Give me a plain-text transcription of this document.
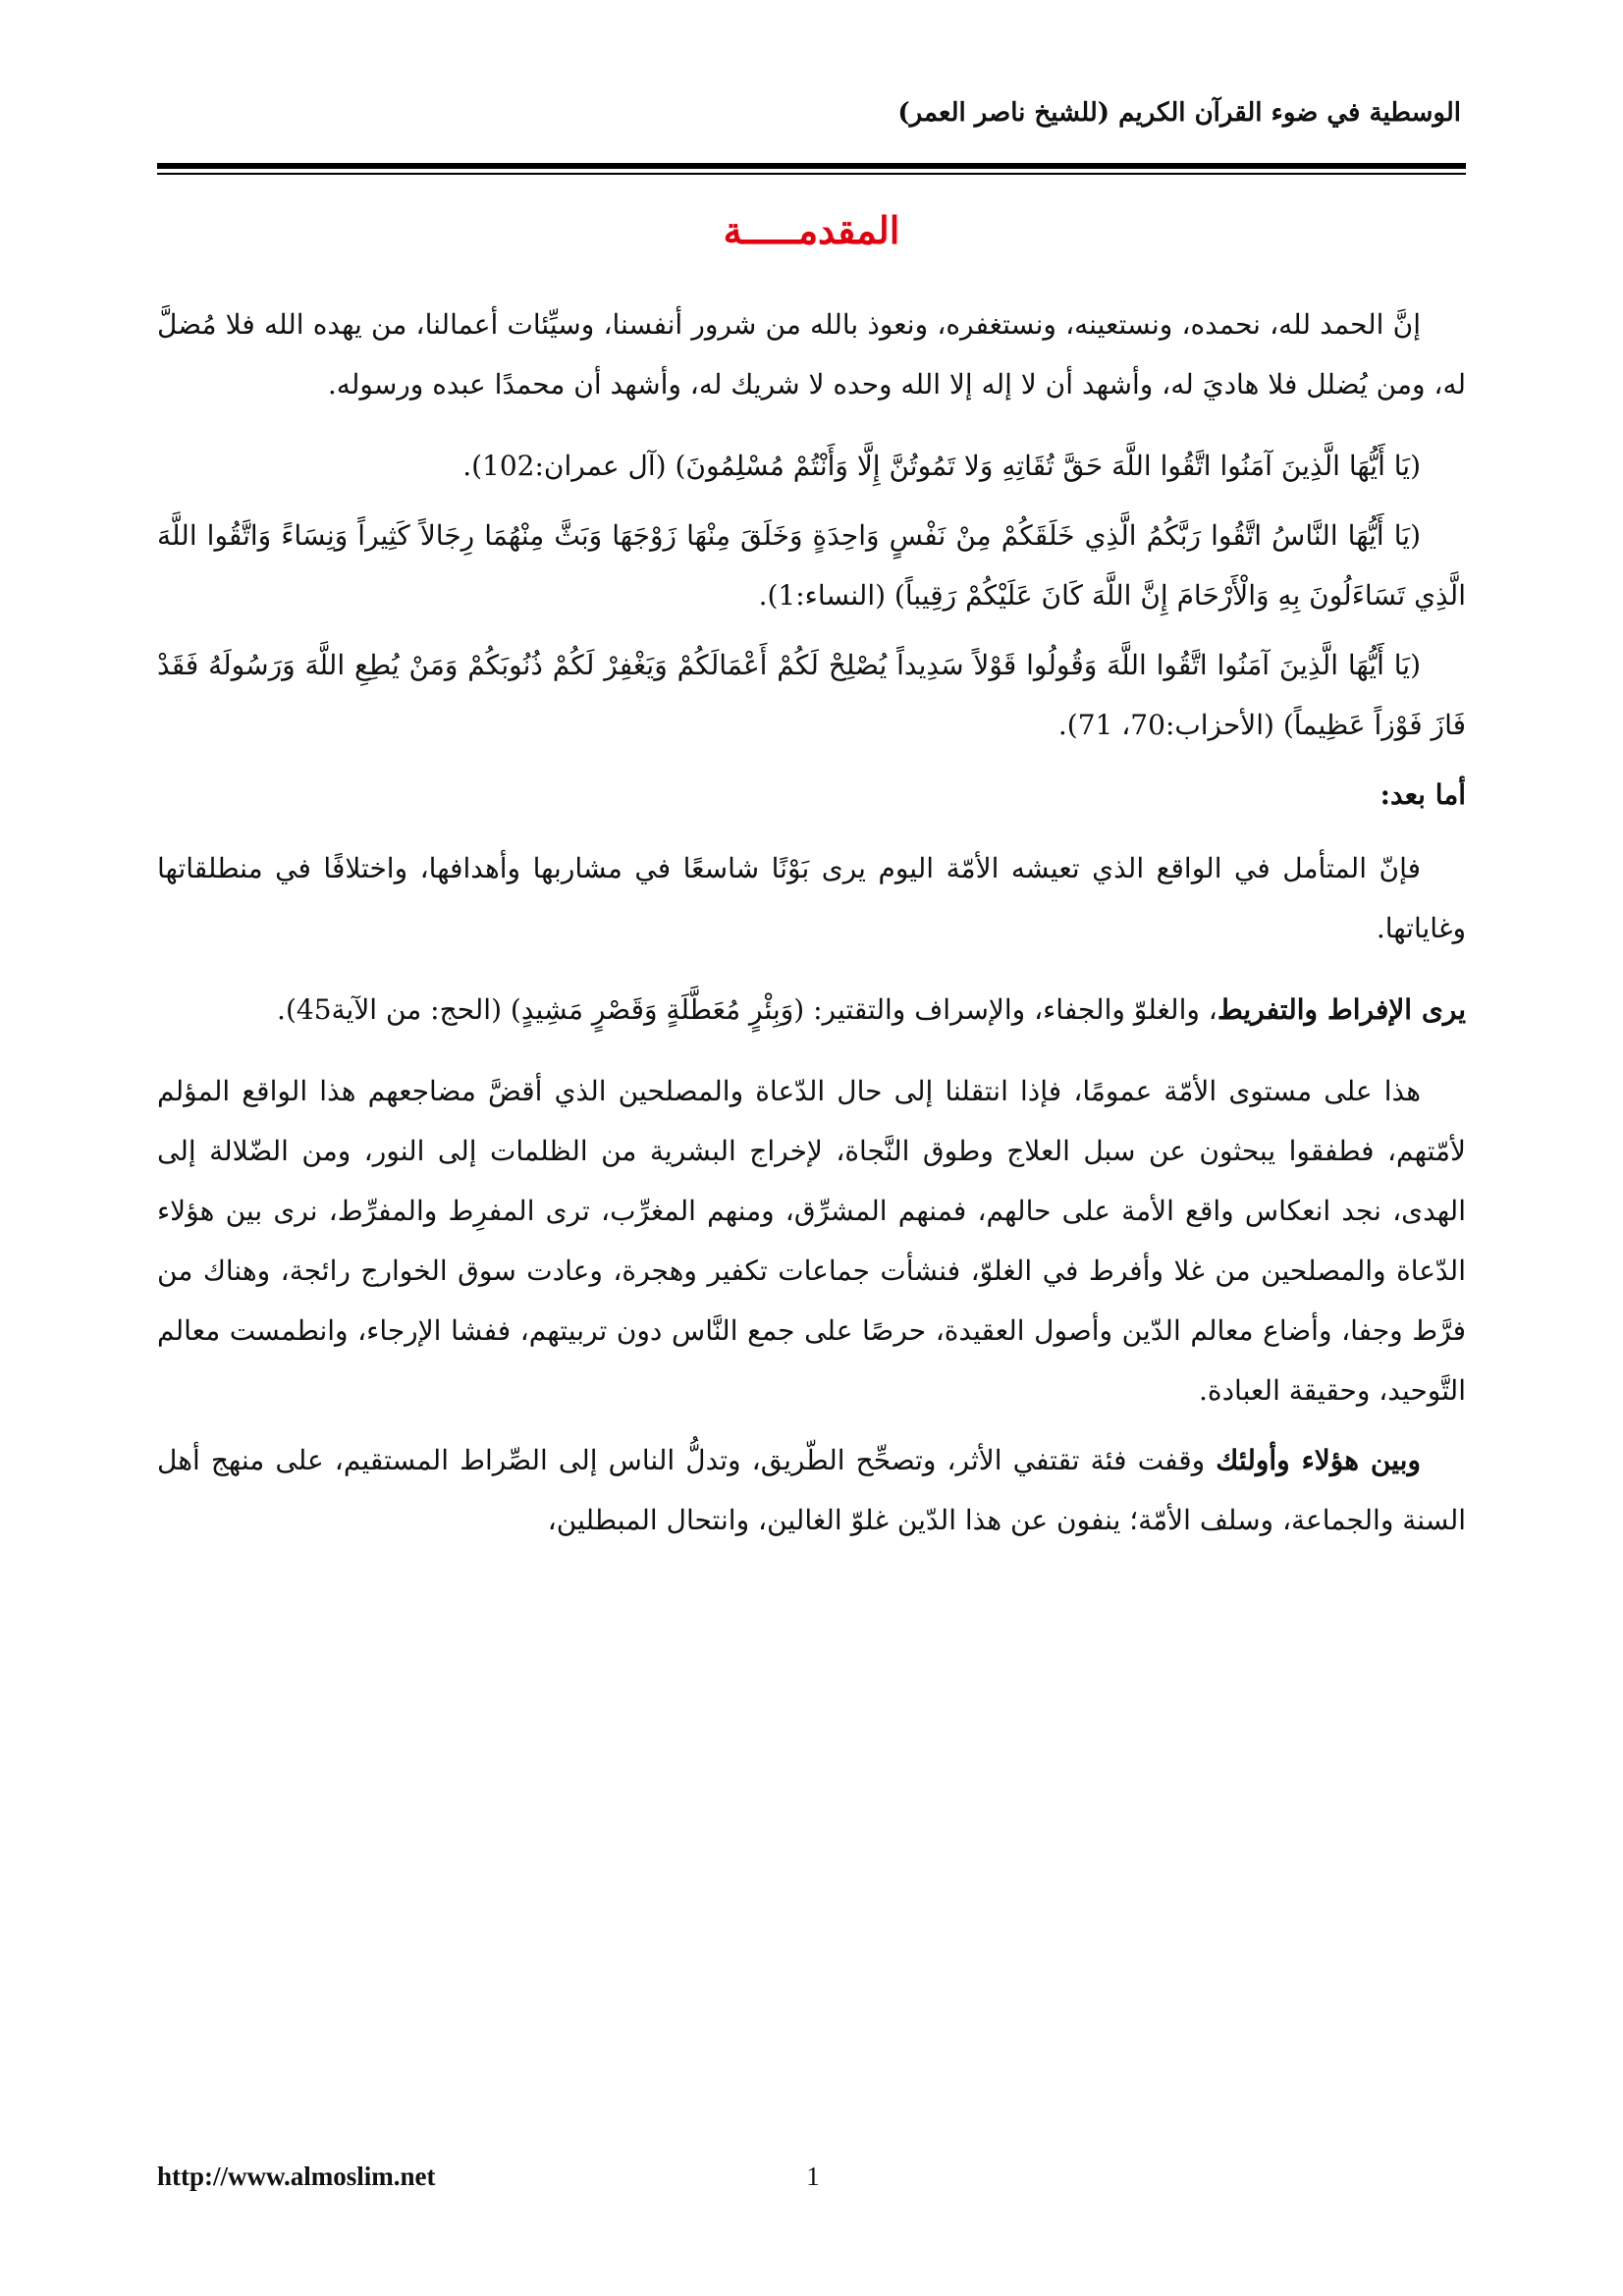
الوسطية في ضوء القرآن الكريم (للشيخ ناصر العمر)
المقدمـــــة

إنَّ الحمد لله، نحمده، ونستعينه، ونستغفره، ونعوذ بالله من شرور أنفسنا، وسيِّئات أعمالنا، من يهده الله فلا مُضلَّ له، ومن يُضلل فلا هاديَ له، وأشهد أن لا إله إلا الله وحده لا شريك له، وأشهد أن محمدًا عبده ورسوله.

(يَا أَيُّهَا الَّذِينَ آمَنُوا اتَّقُوا اللَّهَ حَقَّ تُقَاتِهِ وَلا تَمُوتُنَّ إِلَّا وَأَنْتُمْ مُسْلِمُونَ) (آل عمران:102).

(يَا أَيُّهَا النَّاسُ اتَّقُوا رَبَّكُمُ الَّذِي خَلَقَكُمْ مِنْ نَفْسٍ وَاحِدَةٍ وَخَلَقَ مِنْهَا زَوْجَهَا وَبَثَّ مِنْهُمَا رِجَالاً كَثِيراً وَنِسَاءً وَاتَّقُوا اللَّهَ الَّذِي تَسَاءَلُونَ بِهِ وَالْأَرْحَامَ إِنَّ اللَّهَ كَانَ عَلَيْكُمْ رَقِيباً) (النساء:1).

(يَا أَيُّهَا الَّذِينَ آمَنُوا اتَّقُوا اللَّهَ وَقُولُوا قَوْلاً سَدِيداً يُصْلِحْ لَكُمْ أَعْمَالَكُمْ وَيَغْفِرْ لَكُمْ ذُنُوبَكُمْ وَمَنْ يُطِعِ اللَّهَ وَرَسُولَهُ فَقَدْ فَازَ فَوْزاً عَظِيماً) (الأحزاب:70، 71).

أما بعد:

فإنّ المتأمل في الواقع الذي تعيشه الأمّة اليوم يرى بَوْنًا شاسعًا في مشاربها وأهدافها، واختلافًا في منطلقاتها وغاياتها.

يرى الإفراط والتفريط، والغلوّ والجفاء، والإسراف والتقتير: (وَبِئْرٍ مُعَطَّلَةٍ وَقَصْرٍ مَشِيدٍ) (الحج: من الآية45).

هذا على مستوى الأمّة عمومًا، فإذا انتقلنا إلى حال الدّعاة والمصلحين الذي أقضَّ مضاجعهم هذا الواقع المؤلم لأمّتهم، فطفقوا يبحثون عن سبل العلاج وطوق النَّجاة، لإخراج البشرية من الظلمات إلى النور، ومن الضّلالة إلى الهدى، نجد انعكاس واقع الأمة على حالهم، فمنهم المشرِّق، ومنهم المغرِّب، ترى المفرِط والمفرِّط، نرى بين هؤلاء الدّعاة والمصلحين من غلا وأفرط في الغلوّ، فنشأت جماعات تكفير وهجرة، وعادت سوق الخوارج رائجة، وهناك من فرَّط وجفا، وأضاع معالم الدّين وأصول العقيدة، حرصًا على جمع النَّاس دون تربيتهم، ففشا الإرجاء، وانطمست معالم التَّوحيد، وحقيقة العبادة.

وبين هؤلاء وأولئك وقفت فئة تقتفي الأثر، وتصحِّح الطّريق، وتدلُّ الناس إلى الصِّراط المستقيم، على منهج أهل السنة والجماعة، وسلف الأمّة؛ ينفون عن هذا الدّين غلوّ الغالين، وانتحال المبطلين،

http://www.almoslim.net	1
